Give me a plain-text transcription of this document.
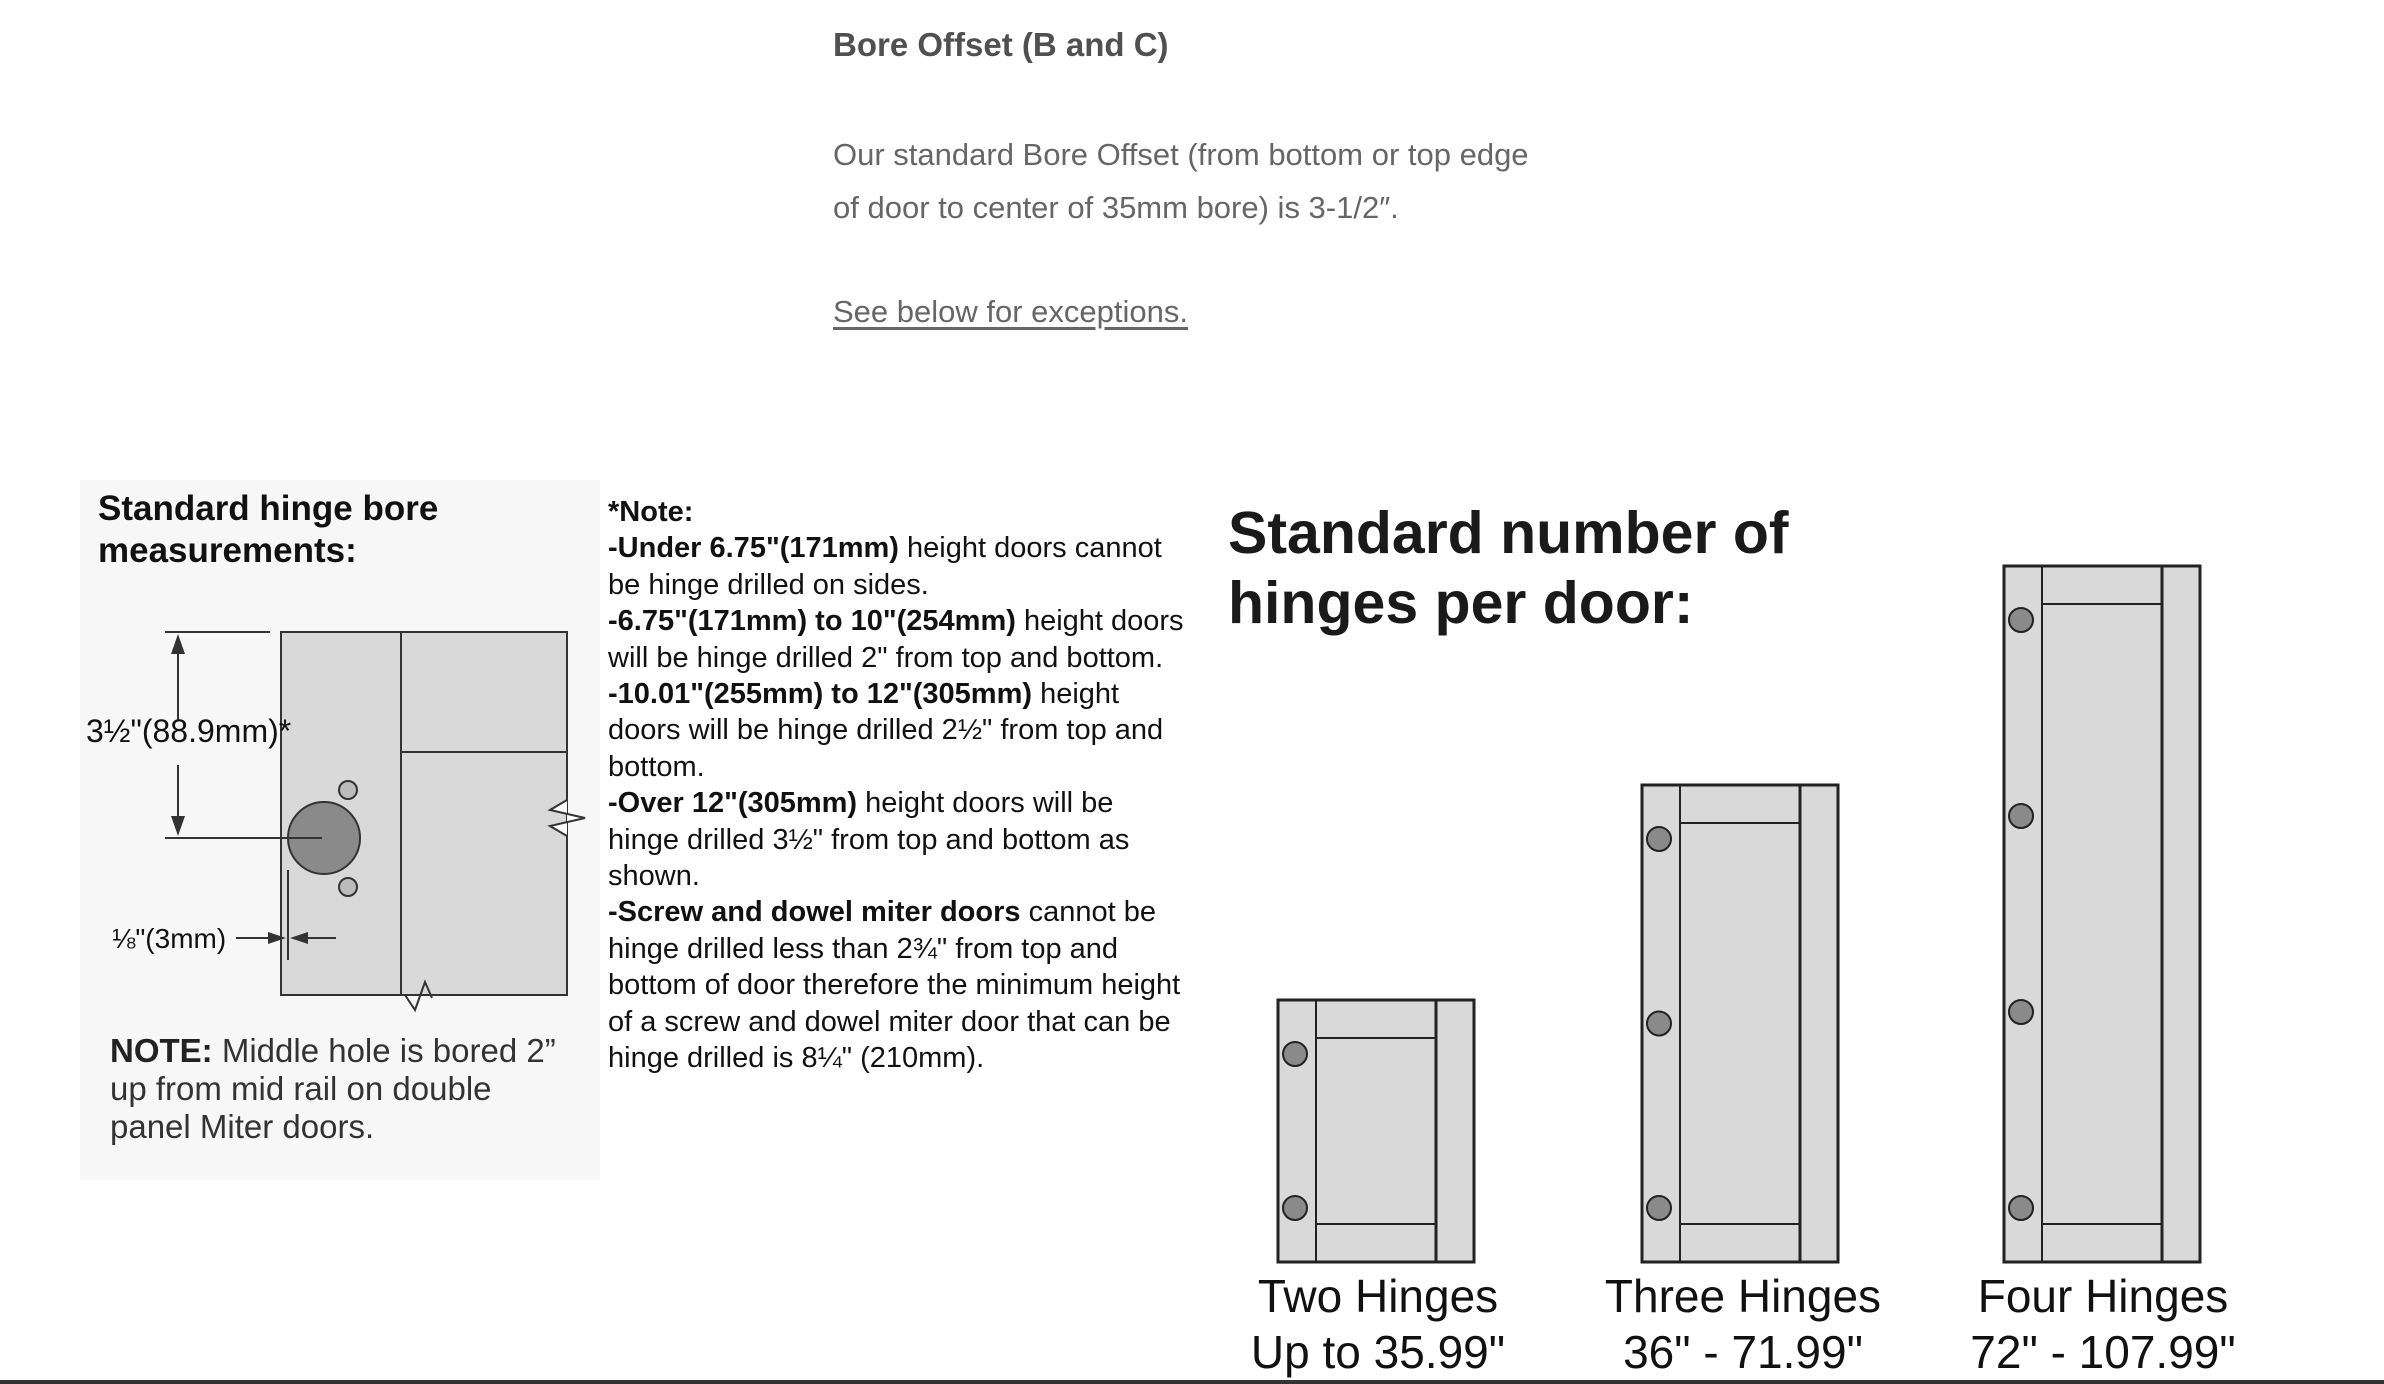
Bore Offset (B and C)
Our standard Bore Offset (from bottom or top edge of door to center of 35mm bore) is 3-1/2″.
See below for exceptions.
3½"(88.9mm)*
⅛"(3mm)
Standard hinge bore measurements:
NOTE: Middle hole is bored 2” up from mid rail on double panel Miter doors.
*Note:
-Under 6.75"(171mm) height doors cannot be hinge drilled on sides.
-6.75"(171mm) to 10"(254mm) height doors will be hinge drilled 2" from top and bottom.
-10.01"(255mm) to 12"(305mm) height doors will be hinge drilled 2½" from top and bottom.
-Over 12"(305mm) height doors will be hinge drilled 3½" from top and bottom as shown.
-Screw and dowel miter doors cannot be hinge drilled less than 2¾" from top and bottom of door therefore the minimum height of a screw and dowel miter door that can be hinge drilled is 8¼" (210mm).
Standard number of hinges per door:
Two Hinges
Up to 35.99"
Three Hinges
36" - 71.99"
Four Hinges
72" - 107.99"
